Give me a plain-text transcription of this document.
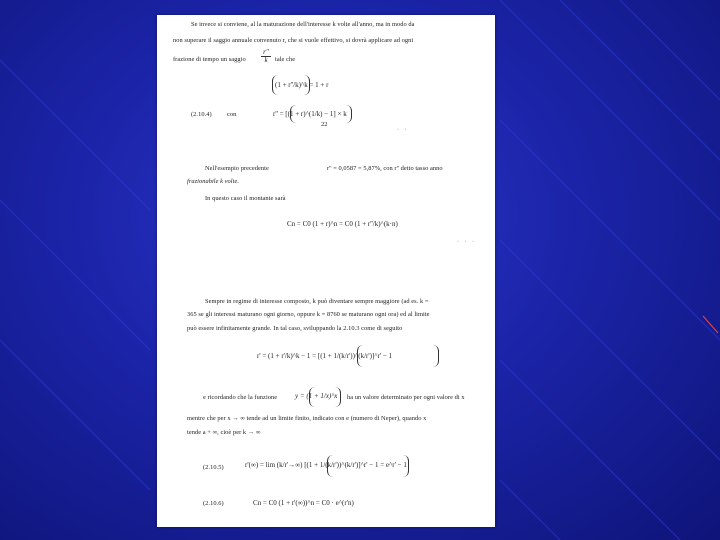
Se invece si conviene, al la maturazione dell'interesse k volte all'anno, ma in modo da
non superare il saggio annuale convenuto r, che si vuole effettivo, si dovrà applicare ad ogni
frazione di tempo un saggio
r''
k	tale che
(1 + r''/k)^k = 1 + r
(2.10.4) con	r'' = [(1 + r)^(1/k) − 1] × k
22
· ·
Nell'esempio precedente	r'' = 0,0587 = 5,87%, con r'' detto tasso anno
frazionabile k volte.
In questo caso il montante sarà
Cn = C0 (1 + r)^n = C0 (1 + r''/k)^(k·n)
· · ·
Sempre in regime di interesse composto, k può diventare sempre maggiore (ad es. k =
365 se gli interessi maturano ogni giorno, oppure k = 8760 se maturano ogni ora) ed al limite
può essere infinitamente grande. In tal caso, sviluppando la 2.10.3 come di seguito
r' = (1 + r'/k)^k − 1 = [(1 + 1/(k/r'))^(k/r')]^r' − 1
e ricordando che la funzione	y = (1 + 1/x)^x ha un valore determinato per ogni valore di x
mentre che per x → ∞ tende ad un limite finito, indicato con e (numero di Neper), quando x
tende a + ∞, cioè per k → ∞
(2.10.5)	r'(∞) = lim (k/r'→∞) [(1 + 1/(k/r'))^(k/r')]^r' − 1 = e^r' − 1
(2.10.6)	Cn = C0 (1 + r'(∞))^n = C0 · e^(r'n)
